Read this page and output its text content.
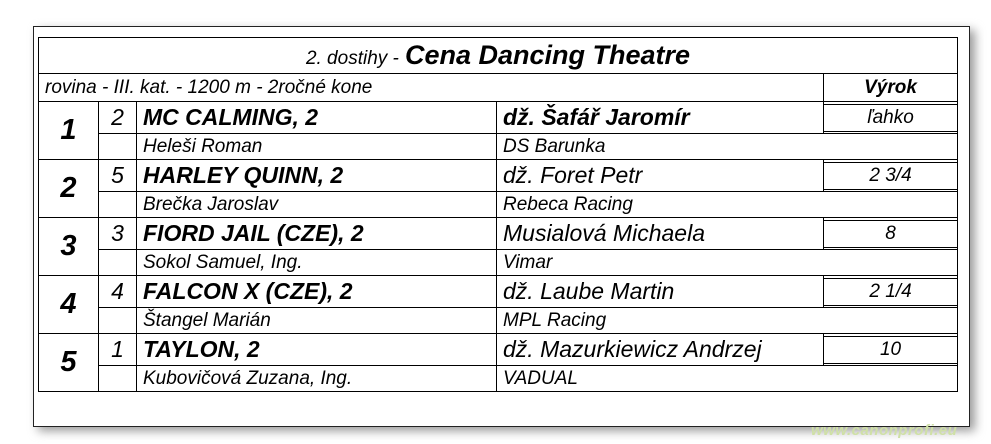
2. dostihy - Cena Dancing Theatre				
rovina - III. kat. - 1200 m - 2ročné kone				Výrok
1	2	MC CALMING, 2	dž. Šafář Jaromír	ľahko

		Heleši Roman	DS Barunka	
2	5	HARLEY QUINN, 2	dž. Foret Petr	2 3/4

		Brečka Jaroslav	Rebeca Racing	
3	3	FIORD JAIL (CZE), 2	Musialová Michaela	8

		Sokol Samuel, Ing.	Vimar	
4	4	FALCON X (CZE), 2	dž. Laube Martin	2 1/4

		Štangel Marián	MPL Racing	
5	1	TAYLON, 2	dž. Mazurkiewicz Andrzej	10

		Kubovičová Zuzana, Ing.	VADUAL	
www.canonprofi.eu
